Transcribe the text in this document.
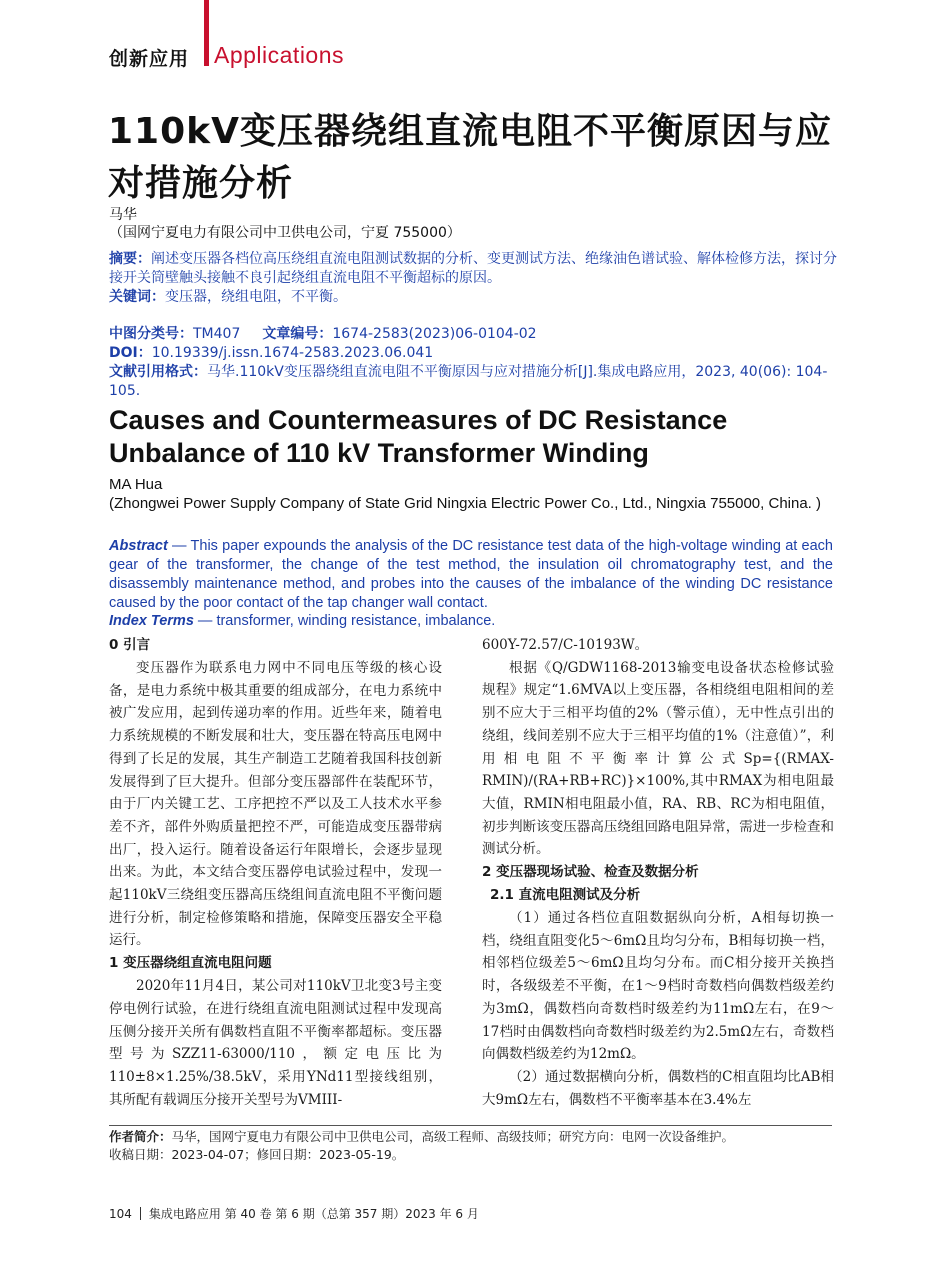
创新应用 Applications
110kV变压器绕组直流电阻不平衡原因与应对措施分析
马华
（国网宁夏电力有限公司中卫供电公司，宁夏 755000）
摘要：阐述变压器各档位高压绕组直流电阻测试数据的分析、变更测试方法、绝缘油色谱试验、解体检修方法，探讨分接开关筒壁触头接触不良引起绕组直流电阻不平衡超标的原因。
关键词：变压器，绕组电阻，不平衡。
中图分类号：TM407 文章编号：1674-2583(2023)06-0104-02
DOI：10.19339/j.issn.1674-2583.2023.06.041
文献引用格式：马华.110kV变压器绕组直流电阻不平衡原因与应对措施分析[J].集成电路应用，2023, 40(06): 104-105.
Causes and Countermeasures of DC Resistance Unbalance of 110 kV Transformer Winding
MA Hua
(Zhongwei Power Supply Company of State Grid Ningxia Electric Power Co., Ltd., Ningxia 755000, China. )
Abstract — This paper expounds the analysis of the DC resistance test data of the high-voltage winding at each gear of the transformer, the change of the test method, the insulation oil chromatography test, and the disassembly maintenance method, and probes into the causes of the imbalance of the winding DC resistance caused by the poor contact of the tap changer wall contact.
Index Terms — transformer, winding resistance, imbalance.
0 引言

变压器作为联系电力网中不同电压等级的核心设备，是电力系统中极其重要的组成部分，在电力系统中被广发应用，起到传递功率的作用。近些年来，随着电力系统规模的不断发展和壮大，变压器在特高压电网中得到了长足的发展，其生产制造工艺随着我国科技创新发展得到了巨大提升。但部分变压器部件在装配环节，由于厂内关键工艺、工序把控不严以及工人技术水平参差不齐，部件外购质量把控不严，可能造成变压器带病出厂，投入运行。随着设备运行年限增长，会逐步显现出来。为此，本文结合变压器停电试验过程中，发现一起110kV三绕组变压器高压绕组间直流电阻不平衡问题进行分析，制定检修策略和措施，保障变压器安全平稳运行。

1 变压器绕组直流电阻问题

2020年11月4日，某公司对110kV卫北变3号主变停电例行试验，在进行绕组直流电阻测试过程中发现高压侧分接开关所有偶数档直阻不平衡率都超标。变压器型号为SZZ11-63000/110，额定电压比为110±8×1.25%/38.5kV，采用YNd11型接线组别，其所配有载调压分接开关型号为VMIII-

600Y-72.57/C-10193W。

根据《Q/GDW1168-2013输变电设备状态检修试验规程》规定“1.6MVA以上变压器，各相绕组电阻相间的差别不应大于三相平均值的2%（警示值），无中性点引出的绕组，线间差别不应大于三相平均值的1%（注意值）”，利用相电阻不平衡率计算公式Sp={(RMAX-RMIN)/(RA+RB+RC)}×100%,其中RMAX为相电阻最大值，RMIN相电阻最小值，RA、RB、RC为相电阻值，初步判断该变压器高压绕组回路电阻异常，需进一步检查和测试分析。

2 变压器现场试验、检查及数据分析
2.1 直流电阻测试及分析

（1）通过各档位直阻数据纵向分析，A相每切换一档，绕组直阻变化5～6mΩ且均匀分布，B相每切换一档，相邻档位级差5～6mΩ且均匀分布。而C相分接开关换挡时，各级级差不平衡，在1～9档时奇数档向偶数档级差约为3mΩ，偶数档向奇数档时级差约为11mΩ左右，在9～17档时由偶数档向奇数档时级差约为2.5mΩ左右，奇数档向偶数档级差约为12mΩ。

（2）通过数据横向分析，偶数档的C相直阻均比AB相大9mΩ左右，偶数档不平衡率基本在3.4%左

作者简介：马华，国网宁夏电力有限公司中卫供电公司，高级工程师、高级技师；研究方向：电网一次设备维护。
收稿日期：2023-04-07；修回日期：2023-05-19。
104 集成电路应用 第 40 卷 第 6 期（总第 357 期）2023 年 6 月
